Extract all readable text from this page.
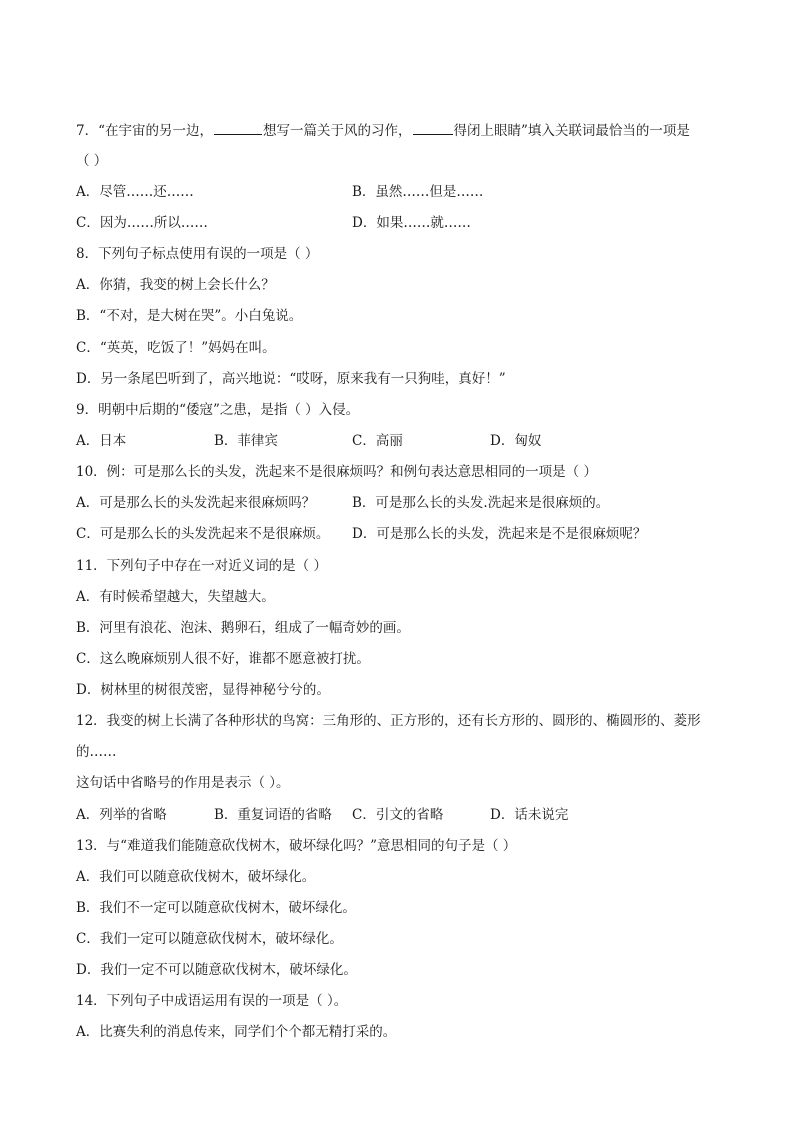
7．“在宇宙的另一边，	想写一篇关于风的习作，	得闭上眼睛”填入关联词最恰当的一项是
（ ）
A．尽管……还……	B．虽然……但是……
C．因为……所以……	D．如果……就……
8．下列句子标点使用有误的一项是（ ）
A．你猜，我变的树上会长什么？
B．“不对，是大树在哭”。小白兔说。
C．“英英，吃饭了！”妈妈在叫。
D．另一条尾巴听到了，高兴地说：“哎呀，原来我有一只狗哇，真好！”
9．明朝中后期的“倭寇”之患，是指（ ）入侵。
A．日本	B．菲律宾	C．高丽	D．匈奴
10．例：可是那么长的头发，洗起来不是很麻烦吗？和例句表达意思相同的一项是（ ）
A．可是那么长的头发洗起来很麻烦吗？	B．可是那么长的头发.洗起来是很麻烦的。
C．可是那么长的头发洗起来不是很麻烦。 D．可是那么长的头发，洗起来是不是很麻烦呢？
11．下列句子中存在一对近义词的是（ ）
A．有时候希望越大，失望越大。
B．河里有浪花、泡沫、鹅卵石，组成了一幅奇妙的画。
C．这么晚麻烦别人很不好，谁都不愿意被打扰。
D．树林里的树很茂密，显得神秘兮兮的。
12．我变的树上长满了各种形状的鸟窝：三角形的、正方形的，还有长方形的、圆形的、椭圆形的、菱形
的……
这句话中省略号的作用是表示（ ）。
A．列举的省略	B．重复词语的省略 C．引文的省略	D．话未说完
13．与“难道我们能随意砍伐树木，破坏绿化吗？”意思相同的句子是（ ）
A．我们可以随意砍伐树木，破坏绿化。
B．我们不一定可以随意砍伐树木，破坏绿化。
C．我们一定可以随意砍伐树木，破坏绿化。
D．我们一定不可以随意砍伐树木，破坏绿化。
14．下列句子中成语运用有误的一项是（ ）。
A．比赛失利的消息传来，同学们个个都无精打采的。
